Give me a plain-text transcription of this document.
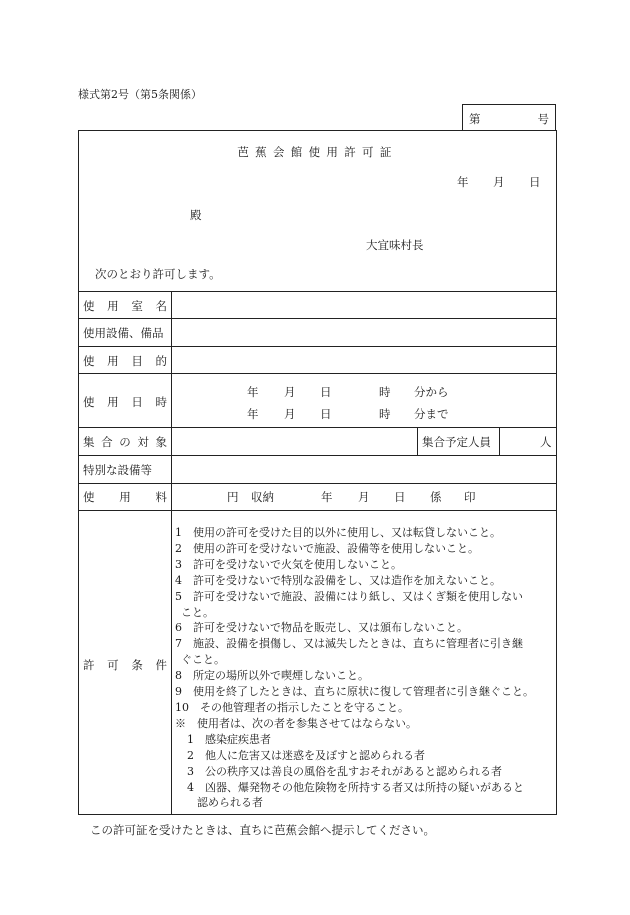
様式第2号（第5条関係）
第	号
芭蕉会館使用許可証
年 月 日
殿
大宜味村長
次のとおり許可します。
使 用 室 名
使用設備、備品
使 用 目 的
使 用 日 時
年 月 日	時 分から
年 月 日	時 分まで
集 合 の 対 象	集合予定人員	人
特別な設備等
使 用 料	円 収納	年 月 日 係 印
許 可 条 件
1　使用の許可を受けた目的以外に使用し、又は転貸しないこと。
2　使用の許可を受けないで施設、設備等を使用しないこと。
3　許可を受けないで火気を使用しないこと。
4　許可を受けないで特別な設備をし、又は造作を加えないこと。
5　許可を受けないで施設、設備にはり紙し、又はくぎ類を使用しない
こと。
6　許可を受けないで物品を販売し、又は頒布しないこと。
7　施設、設備を損傷し、又は滅失したときは、直ちに管理者に引き継
ぐこと。
8　所定の場所以外で喫煙しないこと。
9　使用を終了したときは、直ちに原状に復して管理者に引き継ぐこと。
10　その他管理者の指示したことを守ること。
※　使用者は、次の者を参集させてはならない。
1　感染症疾患者
2　他人に危害又は迷惑を及ぼすと認められる者
3　公の秩序又は善良の風俗を乱すおそれがあると認められる者
4　凶器、爆発物その他危険物を所持する者又は所持の疑いがあると
認められる者
この許可証を受けたときは、直ちに芭蕉会館へ提示してください。
